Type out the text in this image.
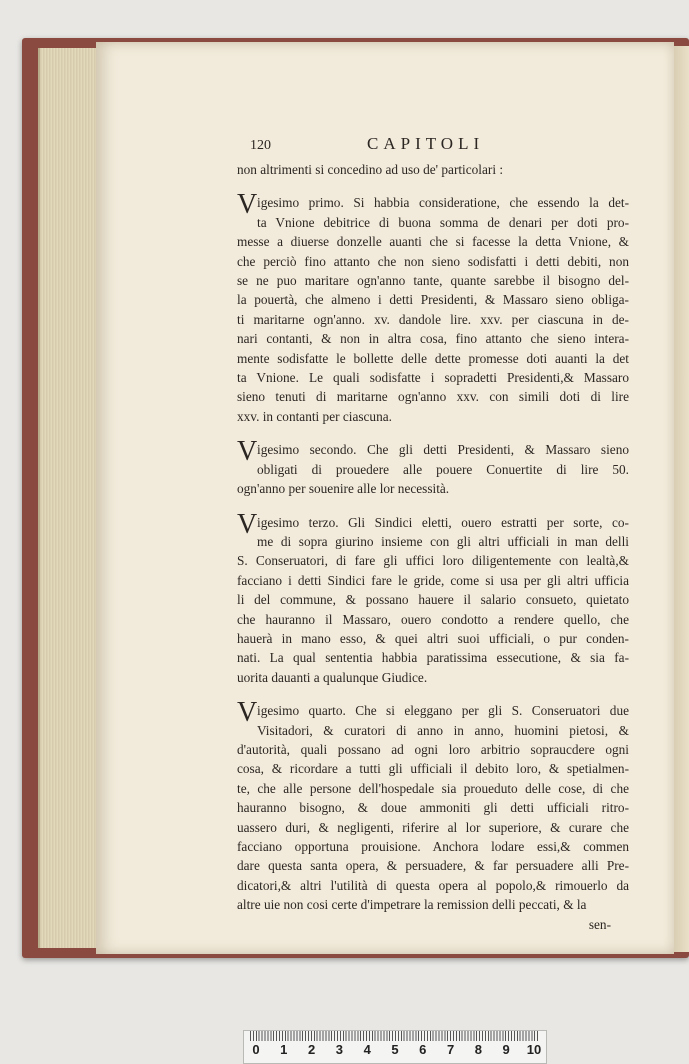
120	CAPITOLI
non altrimenti si concedino ad uso de' particolari :
V igesimo primo. Si habbia consideratione, che essendo la det-
ta Vnione debitrice di buona somma de denari per doti pro-
messe a diuerse donzelle auanti che si facesse la detta Vnione, &
che perciò fino attanto che non sieno sodisfatti i detti debiti, non
se ne puo maritare ogn'anno tante, quante sarebbe il bisogno del-
la pouertà, che almeno i detti Presidenti, & Massaro sieno obliga-
ti maritarne ogn'anno. xv. dandole lire. xxv. per ciascuna in de-
nari contanti, & non in altra cosa, fino attanto che sieno intera-
mente sodisfatte le bollette delle dette promesse doti auanti la det
ta Vnione. Le quali sodisfatte i sopradetti Presidenti,& Massaro
sieno tenuti di maritarne ogn'anno xxv. con simili doti di lire
xxv. in contanti per ciascuna.
V igesimo secondo. Che gli detti Presidenti, & Massaro sieno
obligati di prouedere alle pouere Conuertite di lire 50.
ogn'anno per souenire alle lor necessità.
V igesimo terzo. Gli Sindici eletti, ouero estratti per sorte, co-
me di sopra giurino insieme con gli altri ufficiali in man delli
S. Conseruatori, di fare gli uffici loro diligentemente con lealtà,&
facciano i detti Sindici fare le gride, come si usa per gli altri ufficia
li del commune, & possano hauere il salario consueto, quietato
che hauranno il Massaro, ouero condotto a rendere quello, che
hauerà in mano esso, & quei altri suoi ufficiali, o pur conden-
nati. La qual sententia habbia paratissima essecutione, & sia fa-
uorita dauanti a qualunque Giudice.
V igesimo quarto. Che si eleggano per gli S. Conseruatori due
Visitadori, & curatori di anno in anno, huomini pietosi, &
d'autorità, quali possano ad ogni loro arbitrio sopraucdere ogni
cosa, & ricordare a tutti gli ufficiali il debito loro, & spetialmen-
te, che alle persone dell'hospedale sia proueduto delle cose, di che
hauranno bisogno, & doue ammoniti gli detti ufficiali ritro-
uassero duri, & negligenti, riferire al lor superiore, & curare che
facciano opportuna prouisione. Anchora lodare essi,& commen
dare questa santa opera, & persuadere, & far persuadere alli Pre-
dicatori,& altri l'utilità di questa opera al popolo,& rimouerlo da
altre uie non cosi certe d'impetrare la remission delli peccati, & la
sen-
0	1	2	3	4	5	6	7	8	9	10
